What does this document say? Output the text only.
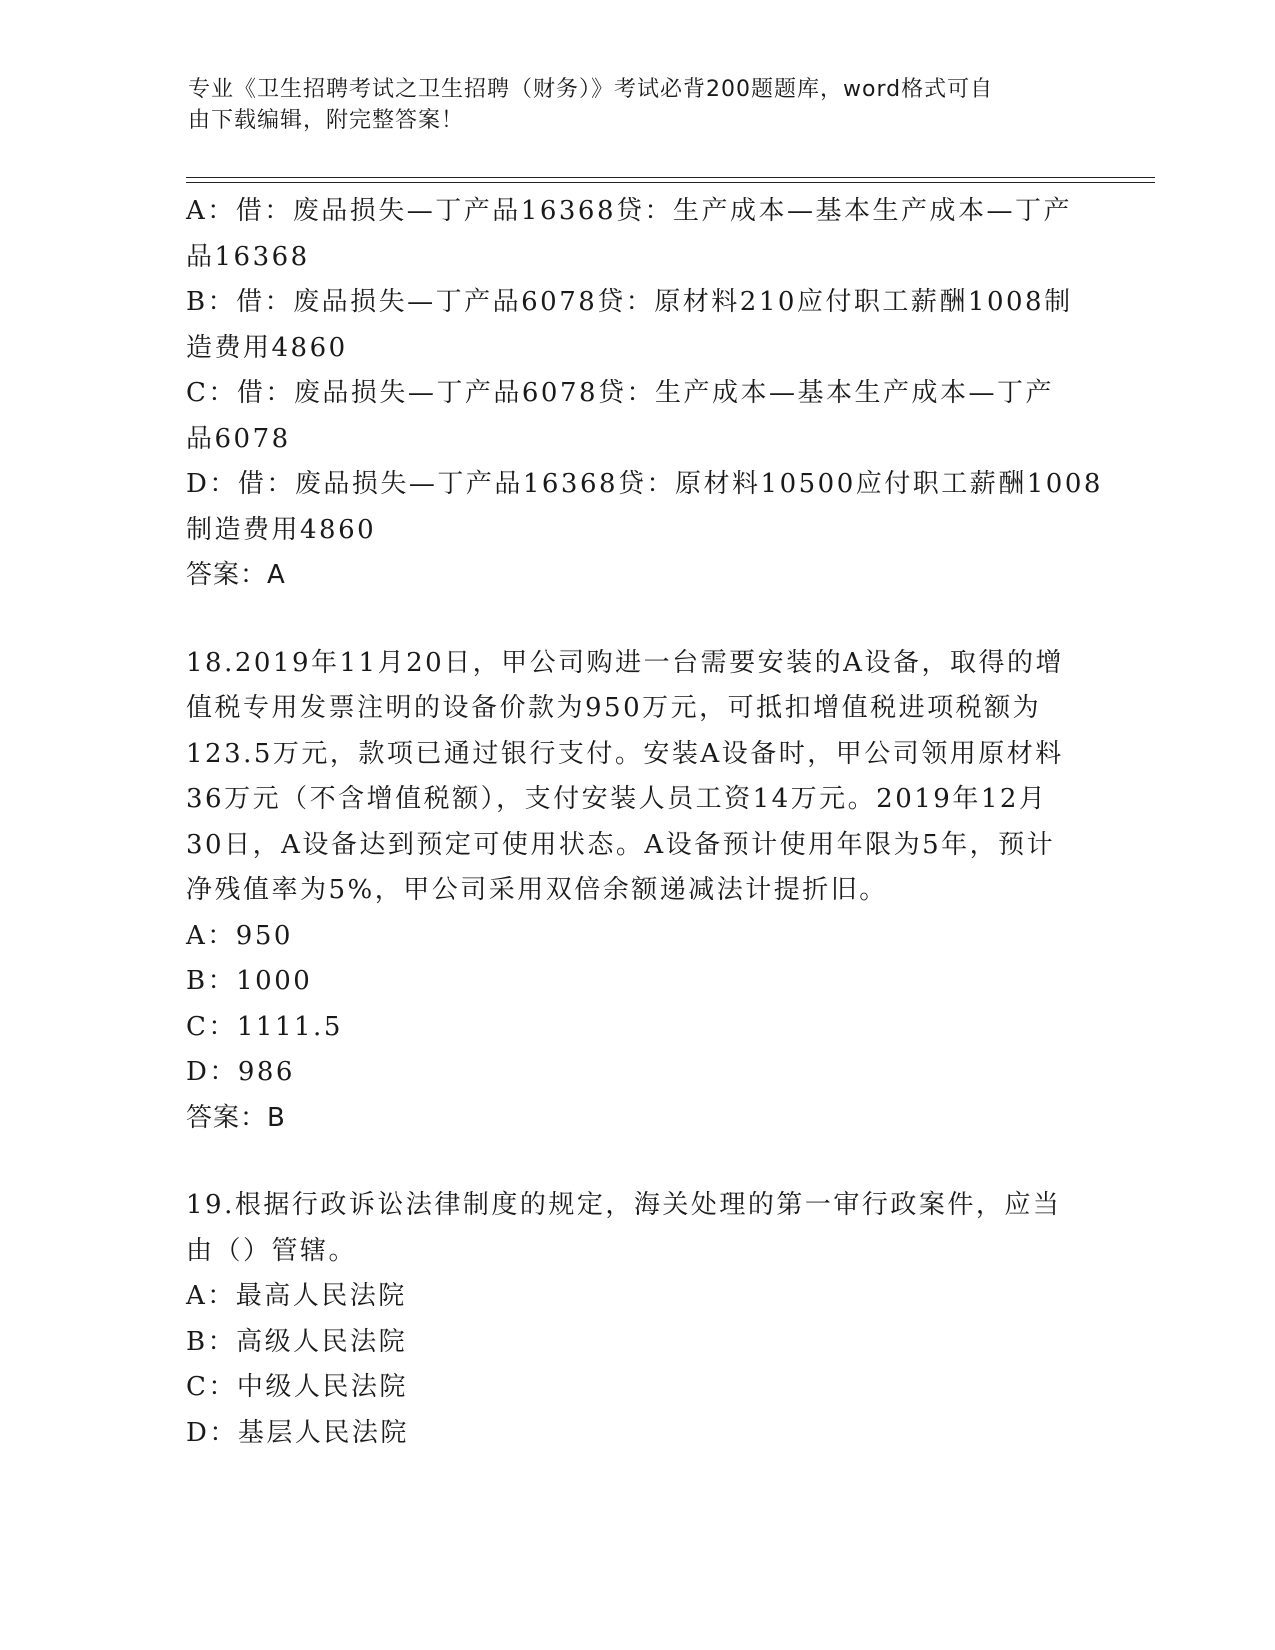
专业《卫生招聘考试之卫生招聘（财务）》考试必背200题题库，word格式可自
由下载编辑，附完整答案！
A：借：废品损失—丁产品16368贷：生产成本—基本生产成本—丁产
品16368
B：借：废品损失—丁产品6078贷：原材料210应付职工薪酬1008制
造费用4860
C：借：废品损失—丁产品6078贷：生产成本—基本生产成本—丁产
品6078
D：借：废品损失—丁产品16368贷：原材料10500应付职工薪酬1008
制造费用4860
答案：A
18.2019年11月20日，甲公司购进一台需要安装的A设备，取得的增
值税专用发票注明的设备价款为950万元，可抵扣增值税进项税额为
123.5万元，款项已通过银行支付。安装A设备时，甲公司领用原材料
36万元（不含增值税额），支付安装人员工资14万元。2019年12月
30日，A设备达到预定可使用状态。A设备预计使用年限为5年，预计
净残值率为5%，甲公司采用双倍余额递减法计提折旧。
A：950
B：1000
C：1111.5
D：986
答案：B
19.根据行政诉讼法律制度的规定，海关处理的第一审行政案件，应当
由（）管辖。
A：最高人民法院
B：高级人民法院
C：中级人民法院
D：基层人民法院
